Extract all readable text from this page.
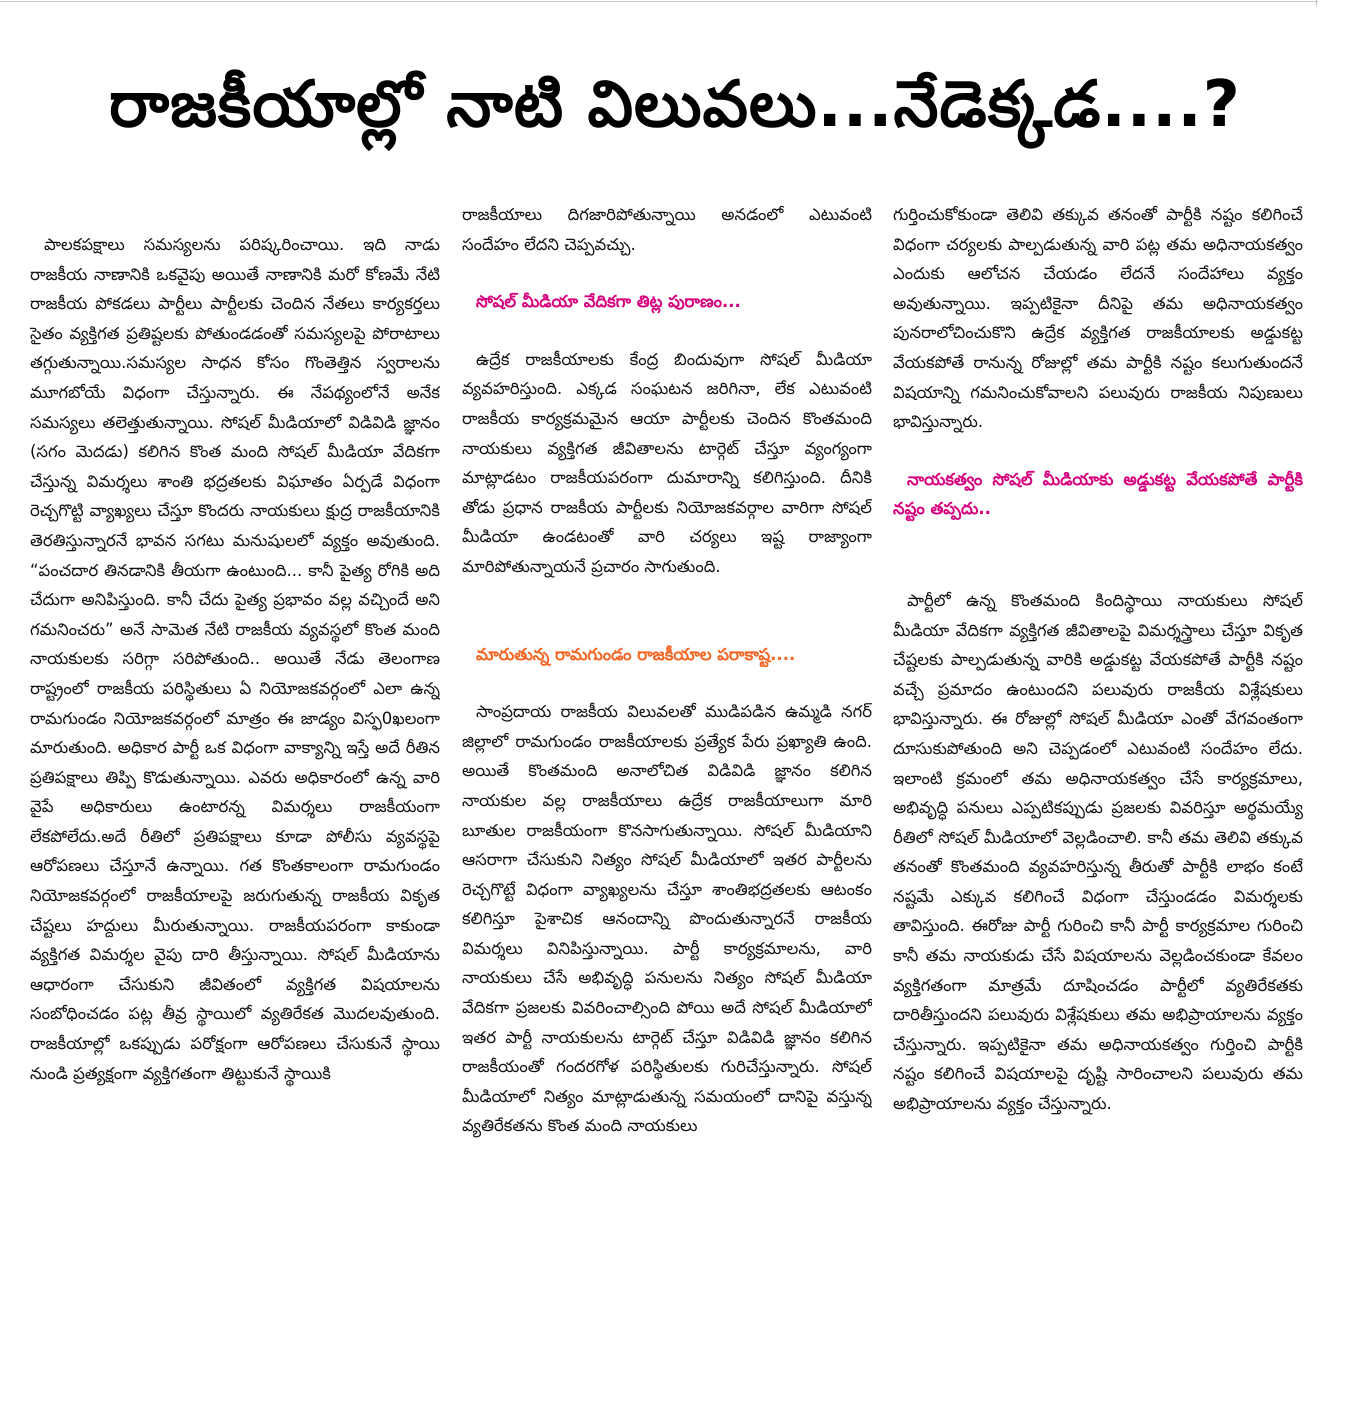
రాజకీయాల్లో నాటి విలువలు...నేడెక్కడ....?

పాలకపక్షాలు సమస్యలను పరిష్కరించాయి. ఇది నాడు రాజకీయ నాణానికి ఒకవైపు అయితే నాణానికి మరో కోణమే నేటి రాజకీయ పోకడలు పార్టీలు పార్టీలకు చెందిన నేతలు కార్యకర్తలు సైతం వ్యక్తిగత ప్రతిష్టలకు పోతుండడంతో సమస్యలపై పోరాటాలు తగ్గుతున్నాయి.సమస్యల సాధన కోసం గొంతెత్తిన స్వరాలను మూగబోయే విధంగా చేస్తున్నారు. ఈ నేపథ్యంలోనే అనేక సమస్యలు తలెత్తుతున్నాయి. సోషల్ మీడియాలో విడివిడి జ్ఞానం (సగం మెదడు) కలిగిన కొంత మంది సోషల్ మీడియా వేదికగా చేస్తున్న విమర్శలు శాంతి భద్రతలకు విఘాతం ఏర్పడే విధంగా రెచ్చగొట్టి వ్యాఖ్యలు చేస్తూ కొందరు నాయకులు క్షుద్ర రాజకీయానికి తెరతిస్తున్నారనే భావన సగటు మనుషులలో వ్యక్తం అవుతుంది. “పంచదార తినడానికి తీయగా ఉంటుంది... కానీ పైత్య రోగికి అది చేదుగా అనిపిస్తుంది. కానీ చేదు పైత్య ప్రభావం వల్ల వచ్చిందే అని గమనించరు” అనే సామెత నేటి రాజకీయ వ్యవస్థలో కొంత మంది నాయకులకు సరిగ్గా సరిపోతుంది.. అయితే నేడు తెలంగాణ రాష్ట్రంలో రాజకీయ పరిస్థితులు ఏ నియోజకవర్గంలో ఎలా ఉన్న రామగుండం నియోజకవర్గంలో మాత్రం ఈ జాడ్యం విస్ఫ0ఖలంగా మారుతుంది. అధికార పార్టీ ఒక విధంగా వాక్యాన్ని ఇస్తే అదే రీతిన ప్రతిపక్షాలు తిప్పి కొడుతున్నాయి. ఎవరు అధికారంలో ఉన్న వారి వైపే అధికారులు ఉంటారన్న విమర్శలు రాజకీయంగా లేకపోలేదు.అదే రీతిలో ప్రతిపక్షాలు కూడా పోలీసు వ్యవస్థపై ఆరోపణలు చేస్తూనే ఉన్నాయి. గత కొంతకాలంగా రామగుండం నియోజకవర్గంలో రాజకీయాలపై జరుగుతున్న రాజకీయ వికృత చేష్టలు హద్దులు మీరుతున్నాయి. రాజకీయపరంగా కాకుండా వ్యక్తిగత విమర్శల వైపు దారి తీస్తున్నాయి. సోషల్ మీడియాను ఆధారంగా చేసుకుని జీవితంలో వ్యక్తిగత విషయాలను సంబోధించడం పట్ల తీవ్ర స్థాయిలో వ్యతిరేకత మొదలవుతుంది. రాజకీయాల్లో ఒకప్పుడు పరోక్షంగా ఆరోపణలు చేసుకునే స్థాయి నుండి ప్రత్యక్షంగా వ్యక్తిగతంగా తిట్టుకునే స్థాయికి

రాజకీయాలు దిగజారిపోతున్నాయి అనడంలో ఎటువంటి సందేహం లేదని చెప్పవచ్చు.

సోషల్ మీడియా వేదికగా తిట్ల పురాణం...

ఉద్రేక రాజకీయాలకు కేంద్ర బిందువుగా సోషల్ మీడియా వ్యవహరిస్తుంది. ఎక్కడ సంఘటన జరిగినా, లేక ఎటువంటి రాజకీయ కార్యక్రమమైన ఆయా పార్టీలకు చెందిన కొంతమంది నాయకులు వ్యక్తిగత జీవితాలను టార్గెట్ చేస్తూ వ్యంగ్యంగా మాట్లాడటం రాజకీయపరంగా దుమారాన్ని కలిగిస్తుంది. దీనికి తోడు ప్రధాన రాజకీయ పార్టీలకు నియోజకవర్గాల వారిగా సోషల్ మీడియా ఉండటంతో వారి చర్యలు ఇష్ట రాజ్యాంగా మారిపోతున్నాయనే ప్రచారం సాగుతుంది.

మారుతున్న రామగుండం రాజకీయాల పరాకాష్ట....

సాంప్రదాయ రాజకీయ విలువలతో ముడిపడిన ఉమ్మడి నగర్ జిల్లాలో రామగుండం రాజకీయాలకు ప్రత్యేక పేరు ప్రఖ్యాతి ఉంది. అయితే కొంతమంది అనాలోచిత విడివిడి జ్ఞానం కలిగిన నాయకుల వల్ల రాజకీయాలు ఉద్రేక రాజకీయాలుగా మారి బూతుల రాజకీయంగా కొనసాగుతున్నాయి. సోషల్ మీడియాని ఆసరాగా చేసుకుని నిత్యం సోషల్ మీడియాలో ఇతర పార్టీలను రెచ్చగొట్టే విధంగా వ్యాఖ్యలను చేస్తూ శాంతిభద్రతలకు ఆటంకం కలిగిస్తూ పైశాచిక ఆనందాన్ని పొందుతున్నారనే రాజకీయ విమర్శలు వినిపిస్తున్నాయి. పార్టీ కార్యక్రమాలను, వారి నాయకులు చేసే అభివృద్ధి పనులను నిత్యం సోషల్ మీడియా వేదికగా ప్రజలకు వివరించాల్సింది పోయి అదే సోషల్ మీడియాలో ఇతర పార్టీ నాయకులను టార్గెట్ చేస్తూ విడివిడి జ్ఞానం కలిగిన రాజకీయంతో గందరగోళ పరిస్థితులకు గురిచేస్తున్నారు. సోషల్ మీడియాలో నిత్యం మాట్లాడుతున్న సమయంలో దానిపై వస్తున్న వ్యతిరేకతను కొంత మంది నాయకులు

గుర్తించుకోకుండా తెలివి తక్కువ తనంతో పార్టీకి నష్టం కలిగించే విధంగా చర్యలకు పాల్పడుతున్న వారి పట్ల తమ అధినాయకత్వం ఎందుకు ఆలోచన చేయడం లేదనే సందేహాలు వ్యక్తం అవుతున్నాయి. ఇప్పటికైనా దీనిపై తమ అధినాయకత్వం పునరాలోచించుకొని ఉద్రేక వ్యక్తిగత రాజకీయాలకు అడ్డుకట్ట వేయకపోతే రానున్న రోజుల్లో తమ పార్టీకి నష్టం కలుగుతుందనే విషయాన్ని గమనించుకోవాలని పలువురు రాజకీయ నిపుణులు భావిస్తున్నారు.

నాయకత్వం సోషల్ మీడియాకు అడ్డుకట్ట వేయకపోతే పార్టీకి నష్టం తప్పదు..

పార్టీలో ఉన్న కొంతమంది కిందిస్థాయి నాయకులు సోషల్ మీడియా వేదికగా వ్యక్తిగత జీవితాలపై విమర్శస్త్రాలు చేస్తూ వికృత చేష్టలకు పాల్పడుతున్న వారికి అడ్డుకట్ట వేయకపోతే పార్టీకి నష్టం వచ్చే ప్రమాదం ఉంటుందని పలువురు రాజకీయ విశ్లేషకులు భావిస్తున్నారు. ఈ రోజుల్లో సోషల్ మీడియా ఎంతో వేగవంతంగా దూసుకుపోతుంది అని చెప్పడంలో ఎటువంటి సందేహం లేదు. ఇలాంటి క్రమంలో తమ అధినాయకత్వం చేసే కార్యక్రమాలు, అభివృద్ధి పనులు ఎప్పటికప్పుడు ప్రజలకు వివరిస్తూ అర్థమయ్యే రీతిలో సోషల్ మీడియాలో వెల్లడించాలి. కానీ తమ తెలివి తక్కువ తనంతో కొంతమంది వ్యవహరిస్తున్న తీరుతో పార్టీకి లాభం కంటే నష్టమే ఎక్కువ కలిగించే విధంగా చేస్తుండడం విమర్శలకు తావిస్తుంది. ఈరోజు పార్టీ గురించి కానీ పార్టీ కార్యక్రమాల గురించి కానీ తమ నాయకుడు చేసే విషయాలను వెల్లడించకుండా కేవలం వ్యక్తిగతంగా మాత్రమే దూషించడం పార్టీలో వ్యతిరేకతకు దారితీస్తుందని పలువురు విశ్లేషకులు తమ అభిప్రాయాలను వ్యక్తం చేస్తున్నారు. ఇప్పటికైనా తమ అధినాయకత్వం గుర్తించి పార్టీకి నష్టం కలిగించే విషయాలపై దృష్టి సారించాలని పలువురు తమ అభిప్రాయాలను వ్యక్తం చేస్తున్నారు.
